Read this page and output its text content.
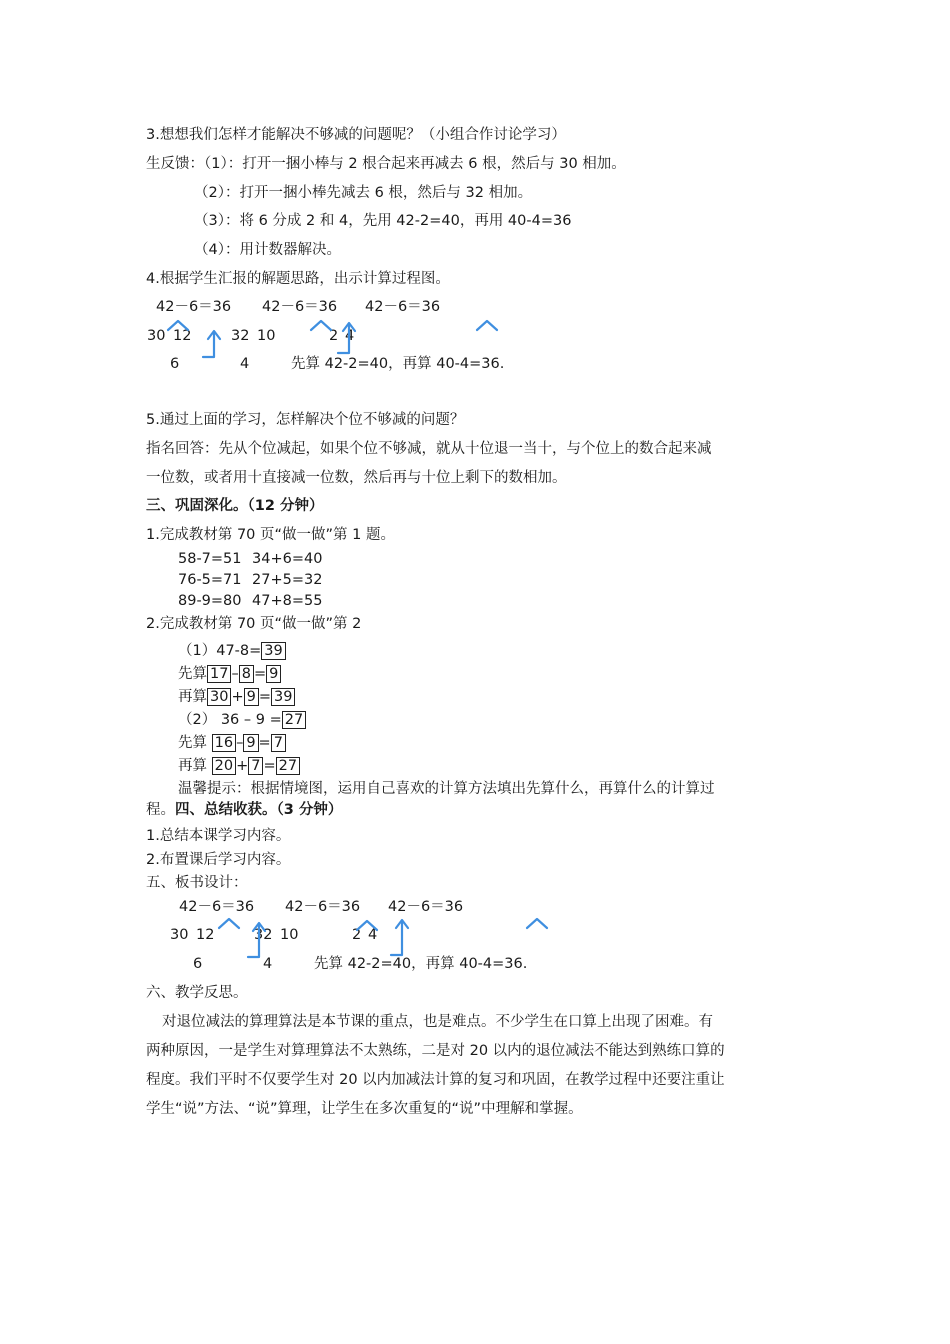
3.想想我们怎样才能解决不够减的问题呢？（小组合作讨论学习）
生反馈：（1）：打开一捆小棒与 2 根合起来再减去 6 根，然后与 30 相加。
（2）：打开一捆小棒先减去 6 根，然后与 32 相加。
（3）：将 6 分成 2 和 4，先用 42-2=40，再用 40-4=36
（4）：用计数器解决。
4.根据学生汇报的解题思路，出示计算过程图。
42－6＝36 42－6＝36 42－6＝36
30 12	32 10	2 4
6	4	先算 42-2=40，再算 40-4=36.
5.通过上面的学习，怎样解决个位不够减的问题？
指名回答：先从个位减起，如果个位不够减，就从十位退一当十，与个位上的数合起来减
一位数，或者用十直接减一位数，然后再与十位上剩下的数相加。
三、巩固深化。（12 分钟）
1.完成教材第 70 页“做一做”第 1 题。
58-7=51 34+6=40
76-5=71 27+5=32
89-9=80 47+8=55
2.完成教材第 70 页“做一做”第 2
（1）47-8= 39
先算 17 – 8 = 9
再算 30 + 9 = 39
（2） 36 – 9 = 27
先算 16 – 9 = 7
再算 20 + 7 = 27
温馨提示：根据情境图，运用自己喜欢的计算方法填出先算什么，再算什么的计算过
程。四、总结收获。（3 分钟）
1.总结本课学习内容。
2.布置课后学习内容。
五、板书设计：
42－6＝36 42－6＝36 42－6＝36
30 12	32 10	2 4
6	4	先算 42-2=40，再算 40-4=36.
六、教学反思。
对退位减法的算理算法是本节课的重点，也是难点。不少学生在口算上出现了困难。有
两种原因，一是学生对算理算法不太熟练，二是对 20 以内的退位减法不能达到熟练口算的
程度。我们平时不仅要学生对 20 以内加减法计算的复习和巩固，在教学过程中还要注重让
学生“说”方法、“说”算理，让学生在多次重复的“说”中理解和掌握。
